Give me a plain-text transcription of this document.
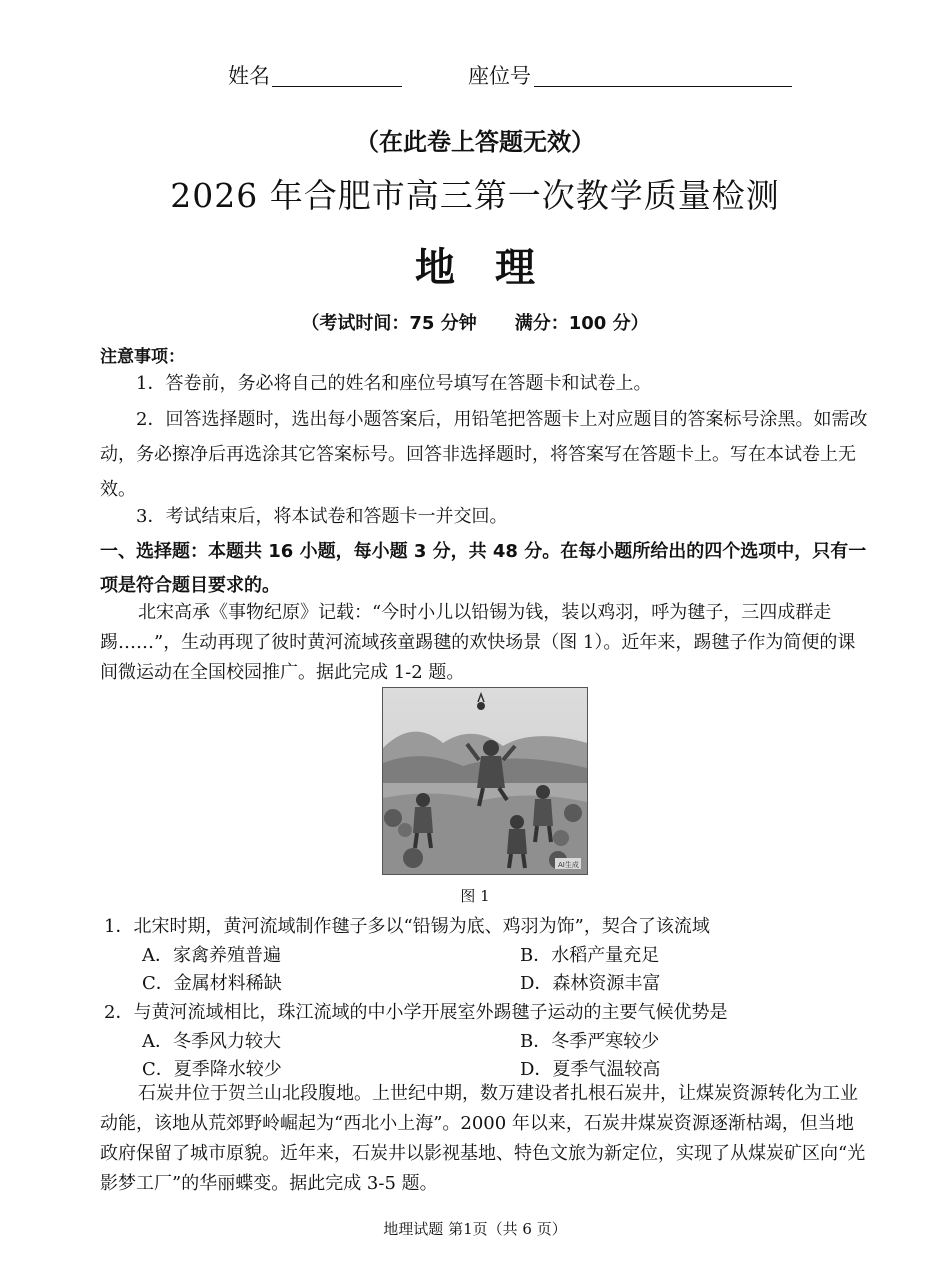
姓名	座位号
（在此卷上答题无效）
2026 年合肥市高三第一次教学质量检测
地理
（考试时间：75 分钟 满分：100 分）
注意事项：
1．答卷前，务必将自己的姓名和座位号填写在答题卡和试卷上。
2．回答选择题时，选出每小题答案后，用铅笔把答题卡上对应题目的答案标号涂黑。如需改动，务必擦净后再选涂其它答案标号。回答非选择题时，将答案写在答题卡上。写在本试卷上无效。
3．考试结束后，将本试卷和答题卡一并交回。
一、选择题：本题共 16 小题，每小题 3 分，共 48 分。在每小题所给出的四个选项中，只有一项是符合题目要求的。
北宋高承《事物纪原》记载：“今时小儿以铅锡为钱，装以鸡羽，呼为毽子，三四成群走踢……”，生动再现了彼时黄河流域孩童踢毽的欢快场景（图 1）。近年来，踢毽子作为简便的课间微运动在全国校园推广。据此完成 1-2 题。
AI生成
图 1
1．北宋时期，黄河流域制作毽子多以“铅锡为底、鸡羽为饰”，契合了该流域
A．家禽养殖普遍	B．水稻产量充足
C．金属材料稀缺	D．森林资源丰富
2．与黄河流域相比，珠江流域的中小学开展室外踢毽子运动的主要气候优势是
A．冬季风力较大	B．冬季严寒较少
C．夏季降水较少	D．夏季气温较高
石炭井位于贺兰山北段腹地。上世纪中期，数万建设者扎根石炭井，让煤炭资源转化为工业动能，该地从荒郊野岭崛起为“西北小上海”。2000 年以来，石炭井煤炭资源逐渐枯竭，但当地政府保留了城市原貌。近年来，石炭井以影视基地、特色文旅为新定位，实现了从煤炭矿区向“光影梦工厂”的华丽蝶变。据此完成 3-5 题。
地理试题 第1页（共 6 页）
